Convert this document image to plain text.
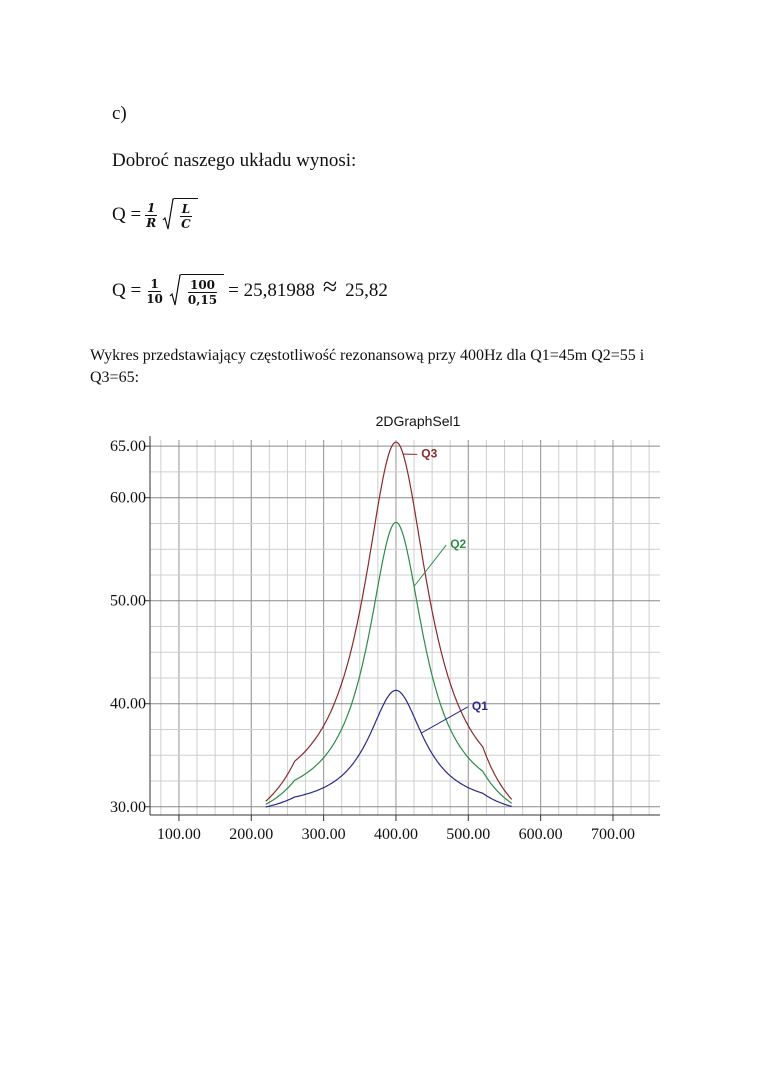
c)
Dobroć naszego układu wynosi:
$Q = \frac{1}{R} \frac{L}{C}$
$Q = \frac{1}{10} \frac{100}{0,15} = 25,81988 \approx 25,82$
Wykres przedstawiający częstotliwość rezonansową przy 400Hz dla Q1=45m Q2=55 i Q3=65:
2DGraphSel1
30.00
40.00
50.00
60.00
65.00
100.00 200.00 300.00 400.00 500.00 600.00 700.00
Q3
Q2
Q1
